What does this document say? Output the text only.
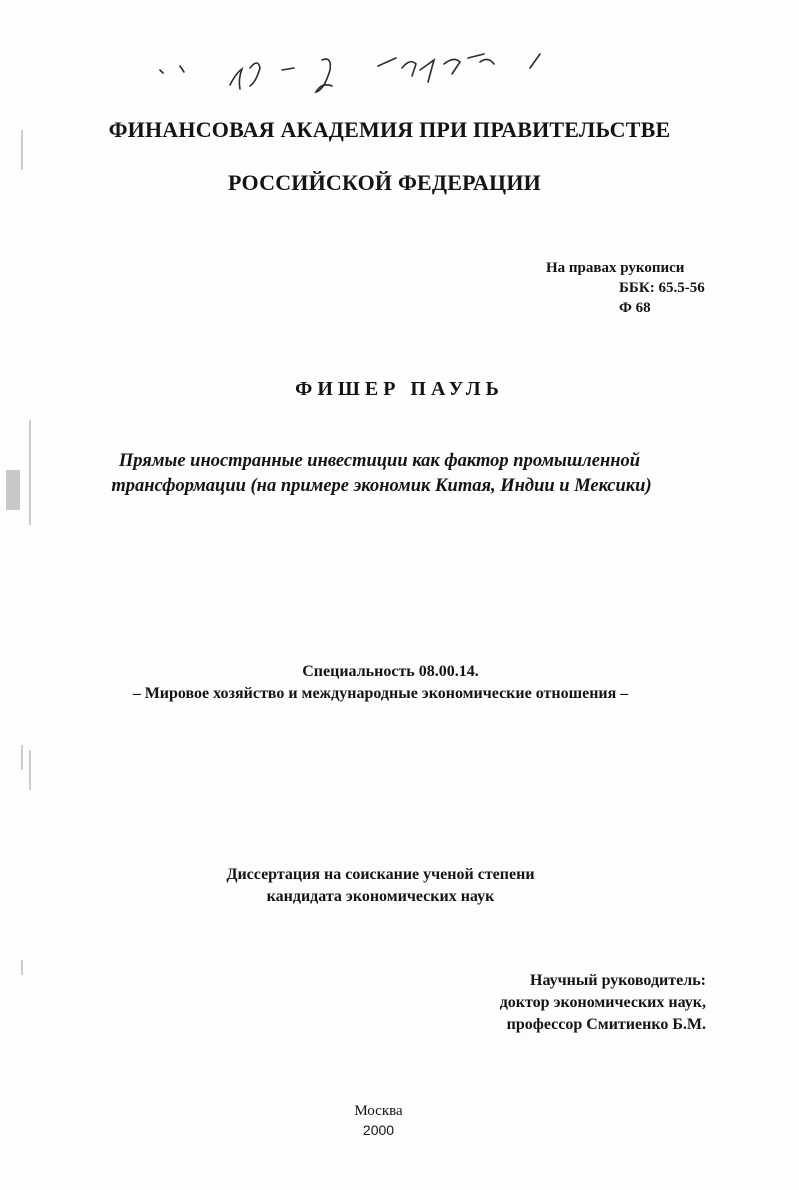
ФИНАНСОВАЯ АКАДЕМИЯ ПРИ ПРАВИТЕЛЬСТВЕ
РОССИЙСКОЙ ФЕДЕРАЦИИ
На правах рукописи
ББК: 65.5-56
Ф 68
ФИШЕР ПАУЛЬ
Прямые иностранные инвестиции как фактор промышленной
трансформации (на примере экономик Китая, Индии и Мексики)
Специальность 08.00.14.
– Мировое хозяйство и международные экономические отношения –
Диссертация на соискание ученой степени
кандидата экономических наук
Научный руководитель:
доктор экономических наук,
профессор Смитиенко Б.М.
Москва
2000
